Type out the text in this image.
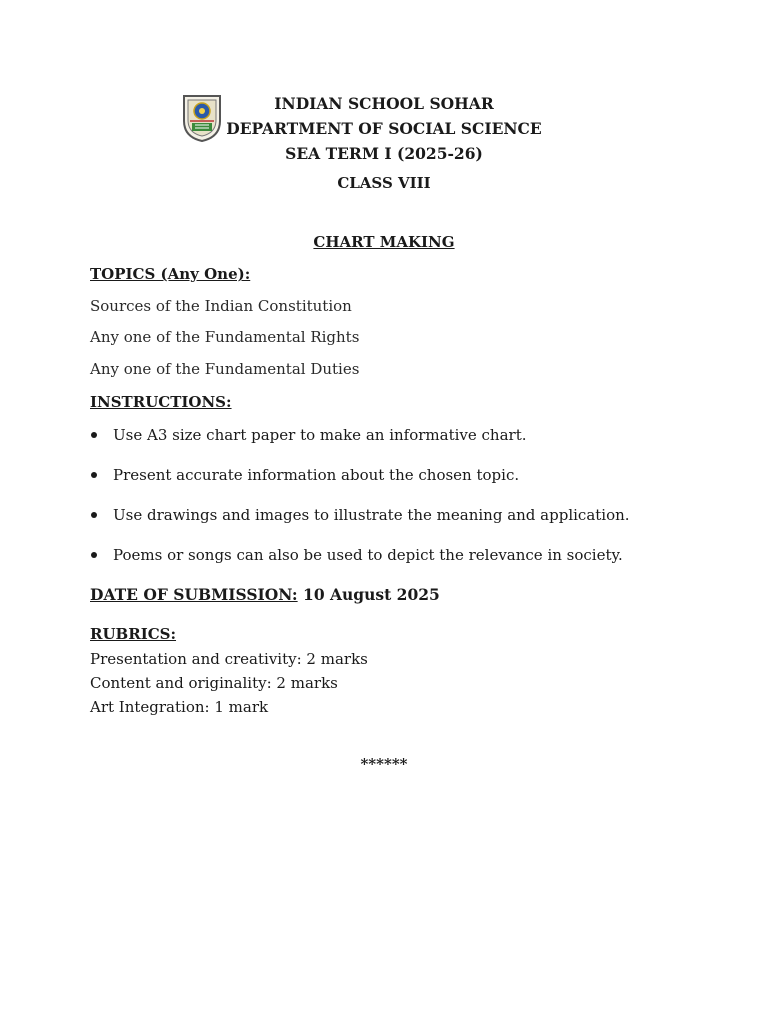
INDIAN SCHOOL SOHAR
DEPARTMENT OF SOCIAL SCIENCE
SEA TERM I (2025-26)
CLASS VIII
CHART MAKING
TOPICS (Any One):
Sources of the Indian Constitution
Any one of the Fundamental Rights
Any one of the Fundamental Duties
INSTRUCTIONS:
Use A3 size chart paper to make an informative chart.
Present accurate information about the chosen topic.
Use drawings and images to illustrate the meaning and application.
Poems or songs can also be used to depict the relevance in society.
DATE OF SUBMISSION: 10 August 2025
RUBRICS:
Presentation and creativity: 2 marks
Content and originality: 2 marks
Art Integration: 1 mark
******
